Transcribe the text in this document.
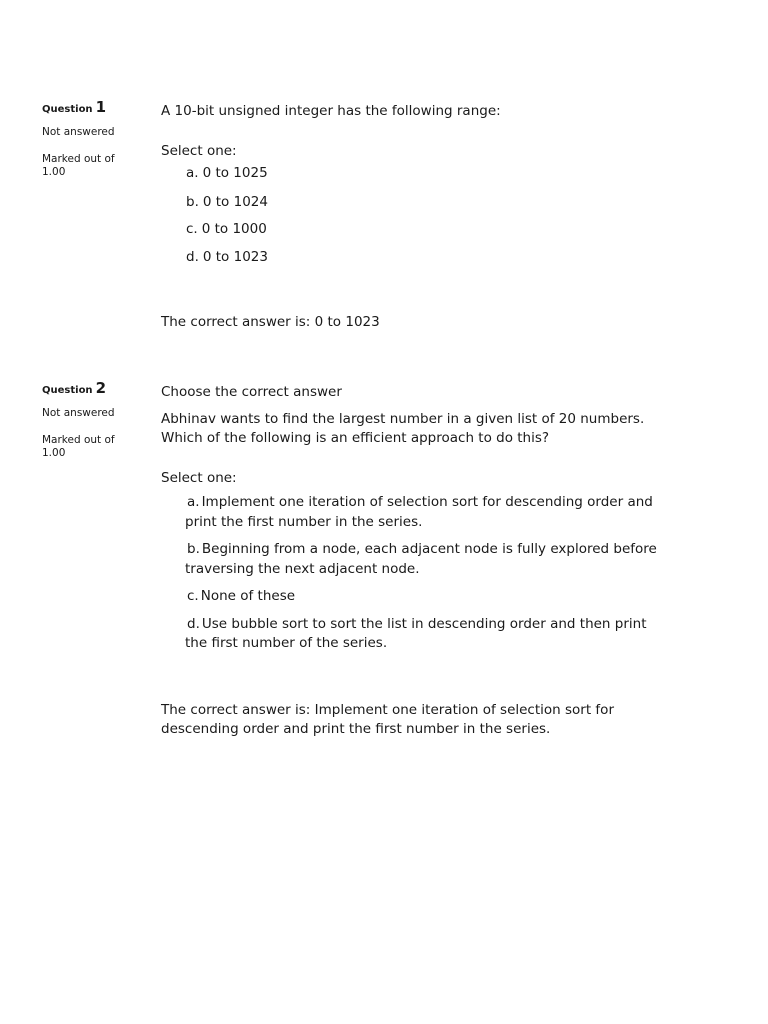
Question 1
Not answered
Marked out of
1.00

A 10-bit unsigned integer has the following range:

Select one:
a. 0 to 1025
b. 0 to 1024
c. 0 to 1000
d. 0 to 1023
The correct answer is: 0 to 1023
Question 2
Not answered
Marked out of
1.00

Choose the correct answer

Abhinav wants to find the largest number in a given list of 20 numbers. Which of the following is an efficient approach to do this?

Select one:
a. Implement one iteration of selection sort for descending order and print the first number in the series.
b. Beginning from a node, each adjacent node is fully explored before traversing the next adjacent node.
c. None of these
d. Use bubble sort to sort the list in descending order and then print the first number of the series.
The correct answer is: Implement one iteration of selection sort for descending order and print the first number in the series.
